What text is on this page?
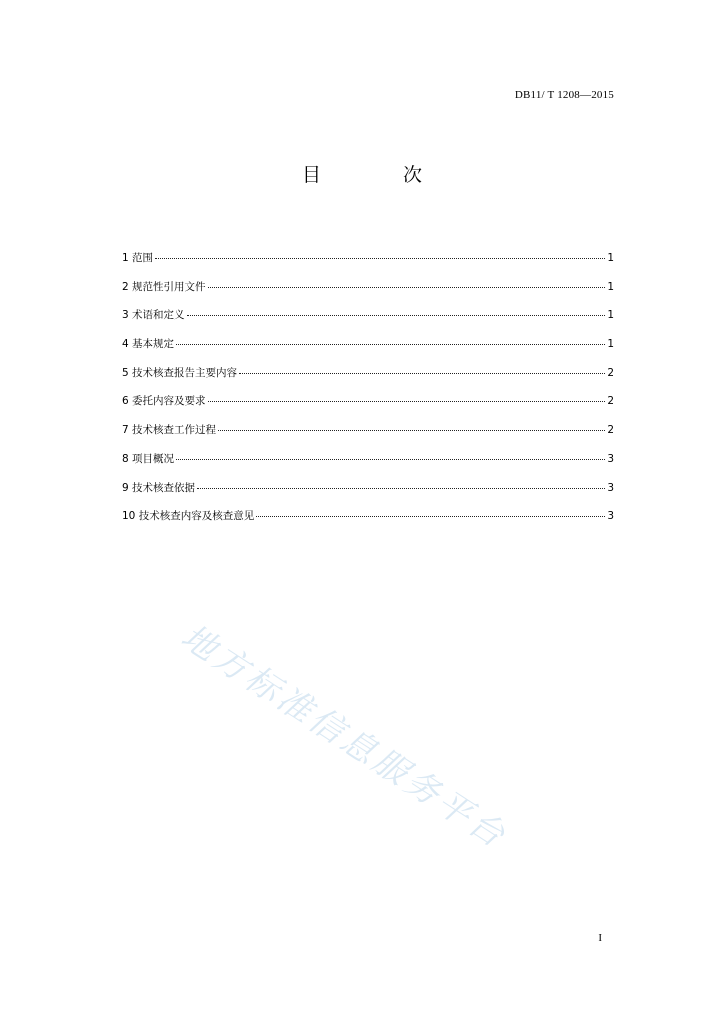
DB11/ T 1208—2015
目 次
1 范围	1
2 规范性引用文件	1
3 术语和定义	1
4 基本规定	1
5 技术核查报告主要内容	2
6 委托内容及要求	2
7 技术核查工作过程	2
8 项目概况	3
9 技术核查依据	3
10 技术核查内容及核查意见	3
地方标准信息服务平台
I
